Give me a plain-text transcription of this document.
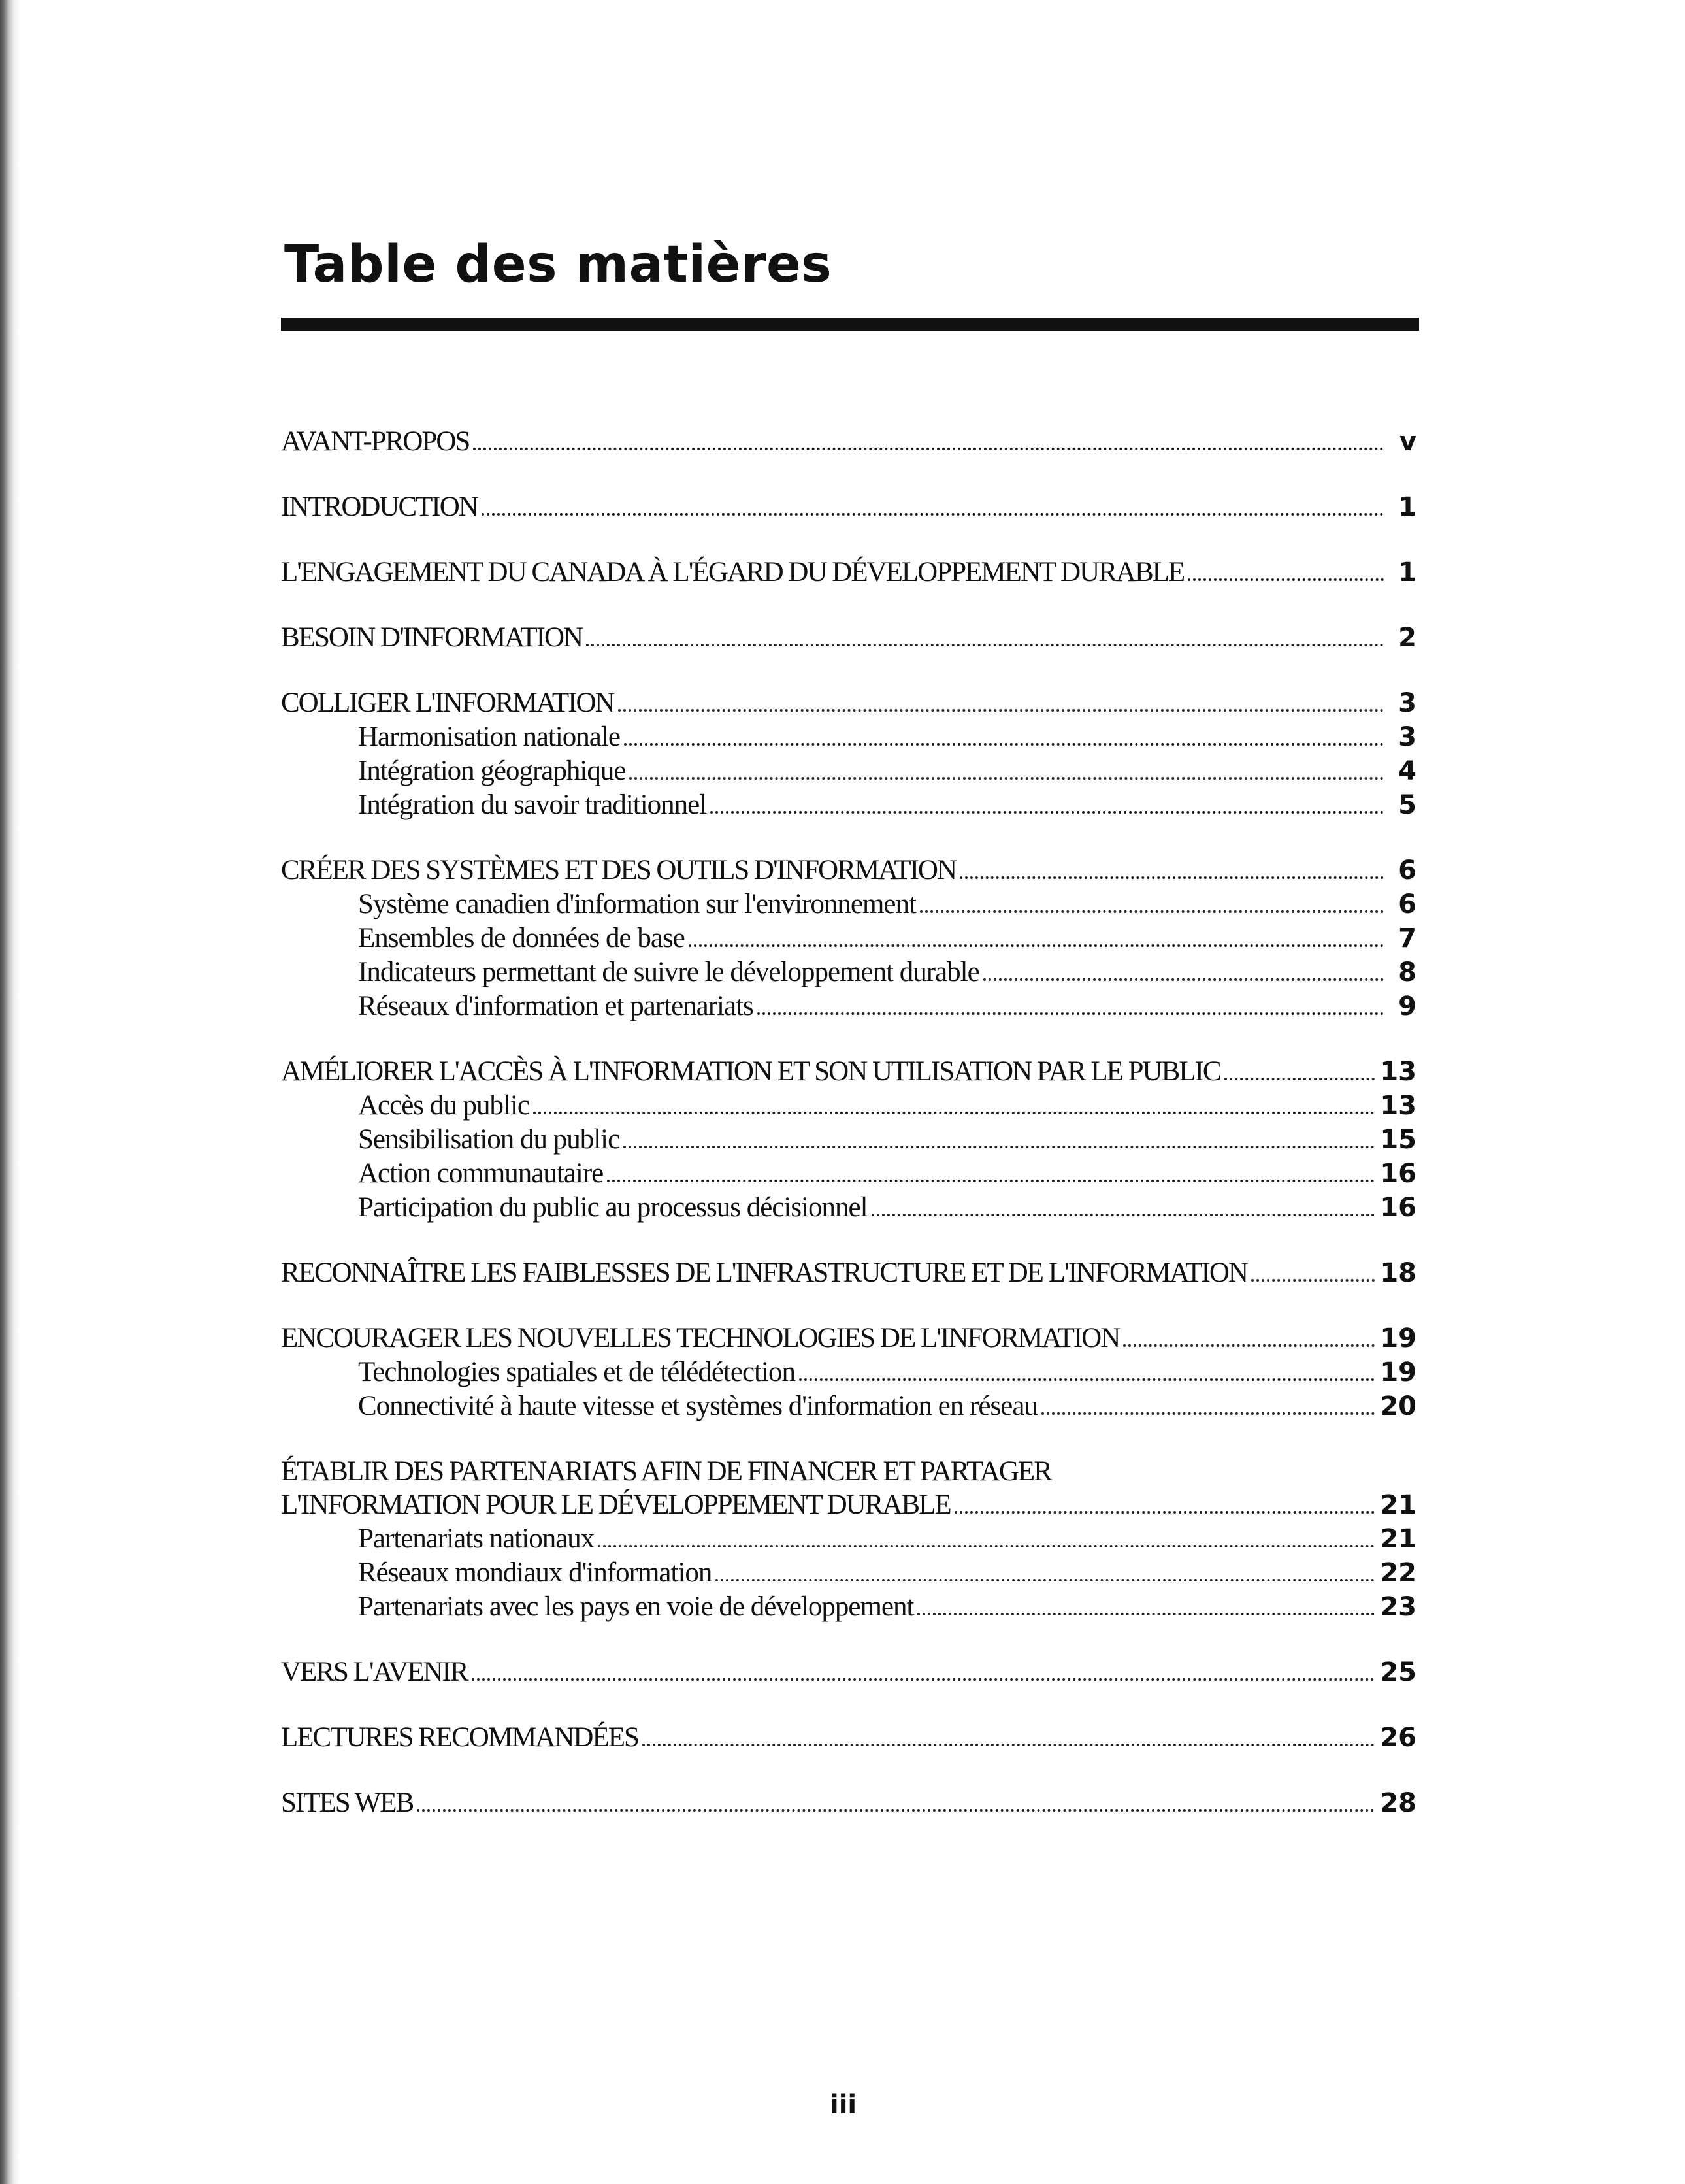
Table des matières
AVANT-PROPOS	v
INTRODUCTION	1
L'ENGAGEMENT DU CANADA À L'ÉGARD DU DÉVELOPPEMENT DURABLE	1
BESOIN D'INFORMATION	2
COLLIGER L'INFORMATION	3
Harmonisation nationale	3
Intégration géographique	4
Intégration du savoir traditionnel	5
CRÉER DES SYSTÈMES ET DES OUTILS D'INFORMATION	6
Système canadien d'information sur l'environnement	6
Ensembles de données de base	7
Indicateurs permettant de suivre le développement durable	8
Réseaux d'information et partenariats	9
AMÉLIORER L'ACCÈS À L'INFORMATION ET SON UTILISATION PAR LE PUBLIC	13
Accès du public	13
Sensibilisation du public	15
Action communautaire	16
Participation du public au processus décisionnel	16
RECONNAÎTRE LES FAIBLESSES DE L'INFRASTRUCTURE ET DE L'INFORMATION	18
ENCOURAGER LES NOUVELLES TECHNOLOGIES DE L'INFORMATION	19
Technologies spatiales et de télédétection	19
Connectivité à haute vitesse et systèmes d'information en réseau	20
ÉTABLIR DES PARTENARIATS AFIN DE FINANCER ET PARTAGER
L'INFORMATION POUR LE DÉVELOPPEMENT DURABLE	21
Partenariats nationaux	21
Réseaux mondiaux d'information	22
Partenariats avec les pays en voie de développement	23
VERS L'AVENIR	25
LECTURES RECOMMANDÉES	26
SITES WEB	28
iii
